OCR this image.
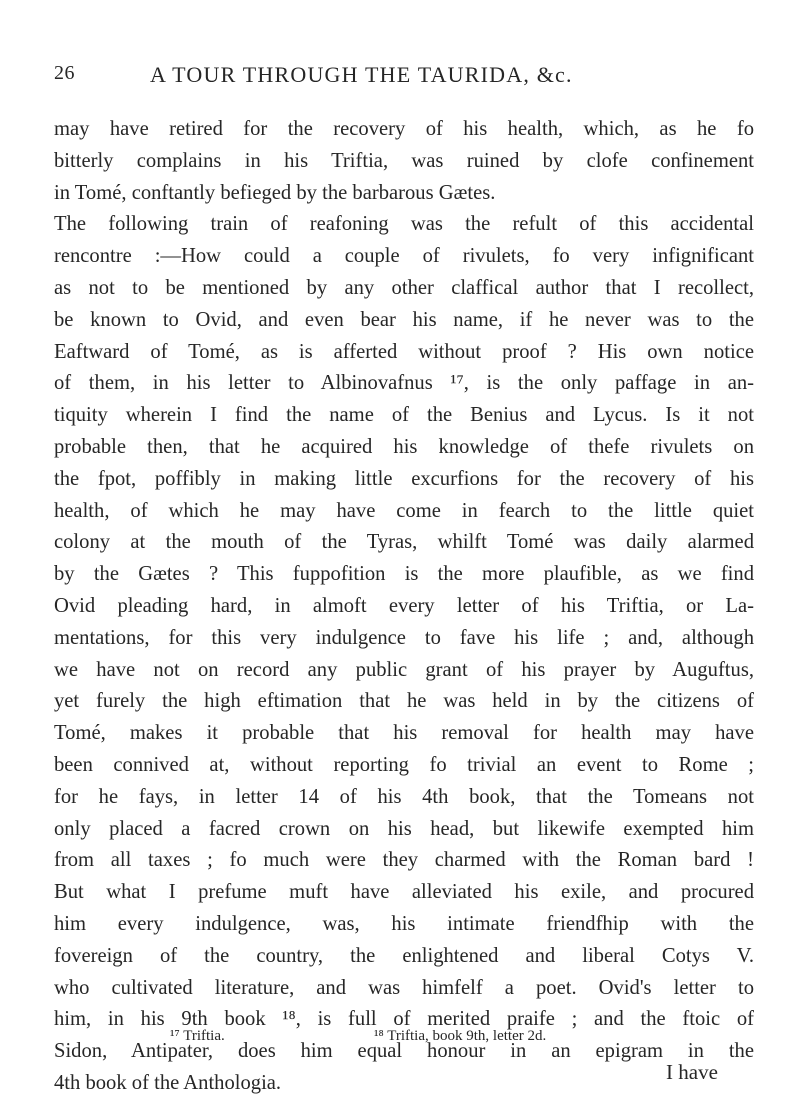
26	A TOUR THROUGH THE TAURIDA, &c.
may have retired for the recovery of his health, which, as he fo
bitterly complains in his Triftia, was ruined by clofe confinement
in Tomé, conftantly befieged by the barbarous Gætes.
The following train of reafoning was the refult of this accidental
rencontre :—How could a couple of rivulets, fo very infignificant
as not to be mentioned by any other claffical author that I recollect,
be known to Ovid, and even bear his name, if he never was to the
Eaftward of Tomé, as is afferted without proof ? His own notice
of them, in his letter to Albinovafnus ¹⁷, is the only paffage in an-
tiquity wherein I find the name of the Benius and Lycus. Is it not
probable then, that he acquired his knowledge of thefe rivulets on
the fpot, poffibly in making little excurfions for the recovery of his
health, of which he may have come in fearch to the little quiet
colony at the mouth of the Tyras, whilft Tomé was daily alarmed
by the Gætes ? This fuppofition is the more plaufible, as we find
Ovid pleading hard, in almoft every letter of his Triftia, or La-
mentations, for this very indulgence to fave his life ; and, although
we have not on record any public grant of his prayer by Auguftus,
yet furely the high eftimation that he was held in by the citizens of
Tomé, makes it probable that his removal for health may have
been connived at, without reporting fo trivial an event to Rome ;
for he fays, in letter 14 of his 4th book, that the Tomeans not
only placed a facred crown on his head, but likewife exempted him
from all taxes ; fo much were they charmed with the Roman bard !
But what I prefume muft have alleviated his exile, and procured
him every indulgence, was, his intimate friendfhip with the
fovereign of the country, the enlightened and liberal Cotys V.
who cultivated literature, and was himfelf a poet. Ovid's letter to
him, in his 9th book ¹⁸, is full of merited praife ; and the ftoic of
Sidon, Antipater, does him equal honour in an epigram in the
4th book of the Anthologia.
¹⁷ Triftia.	¹⁸ Triftia, book 9th, letter 2d.
I have
